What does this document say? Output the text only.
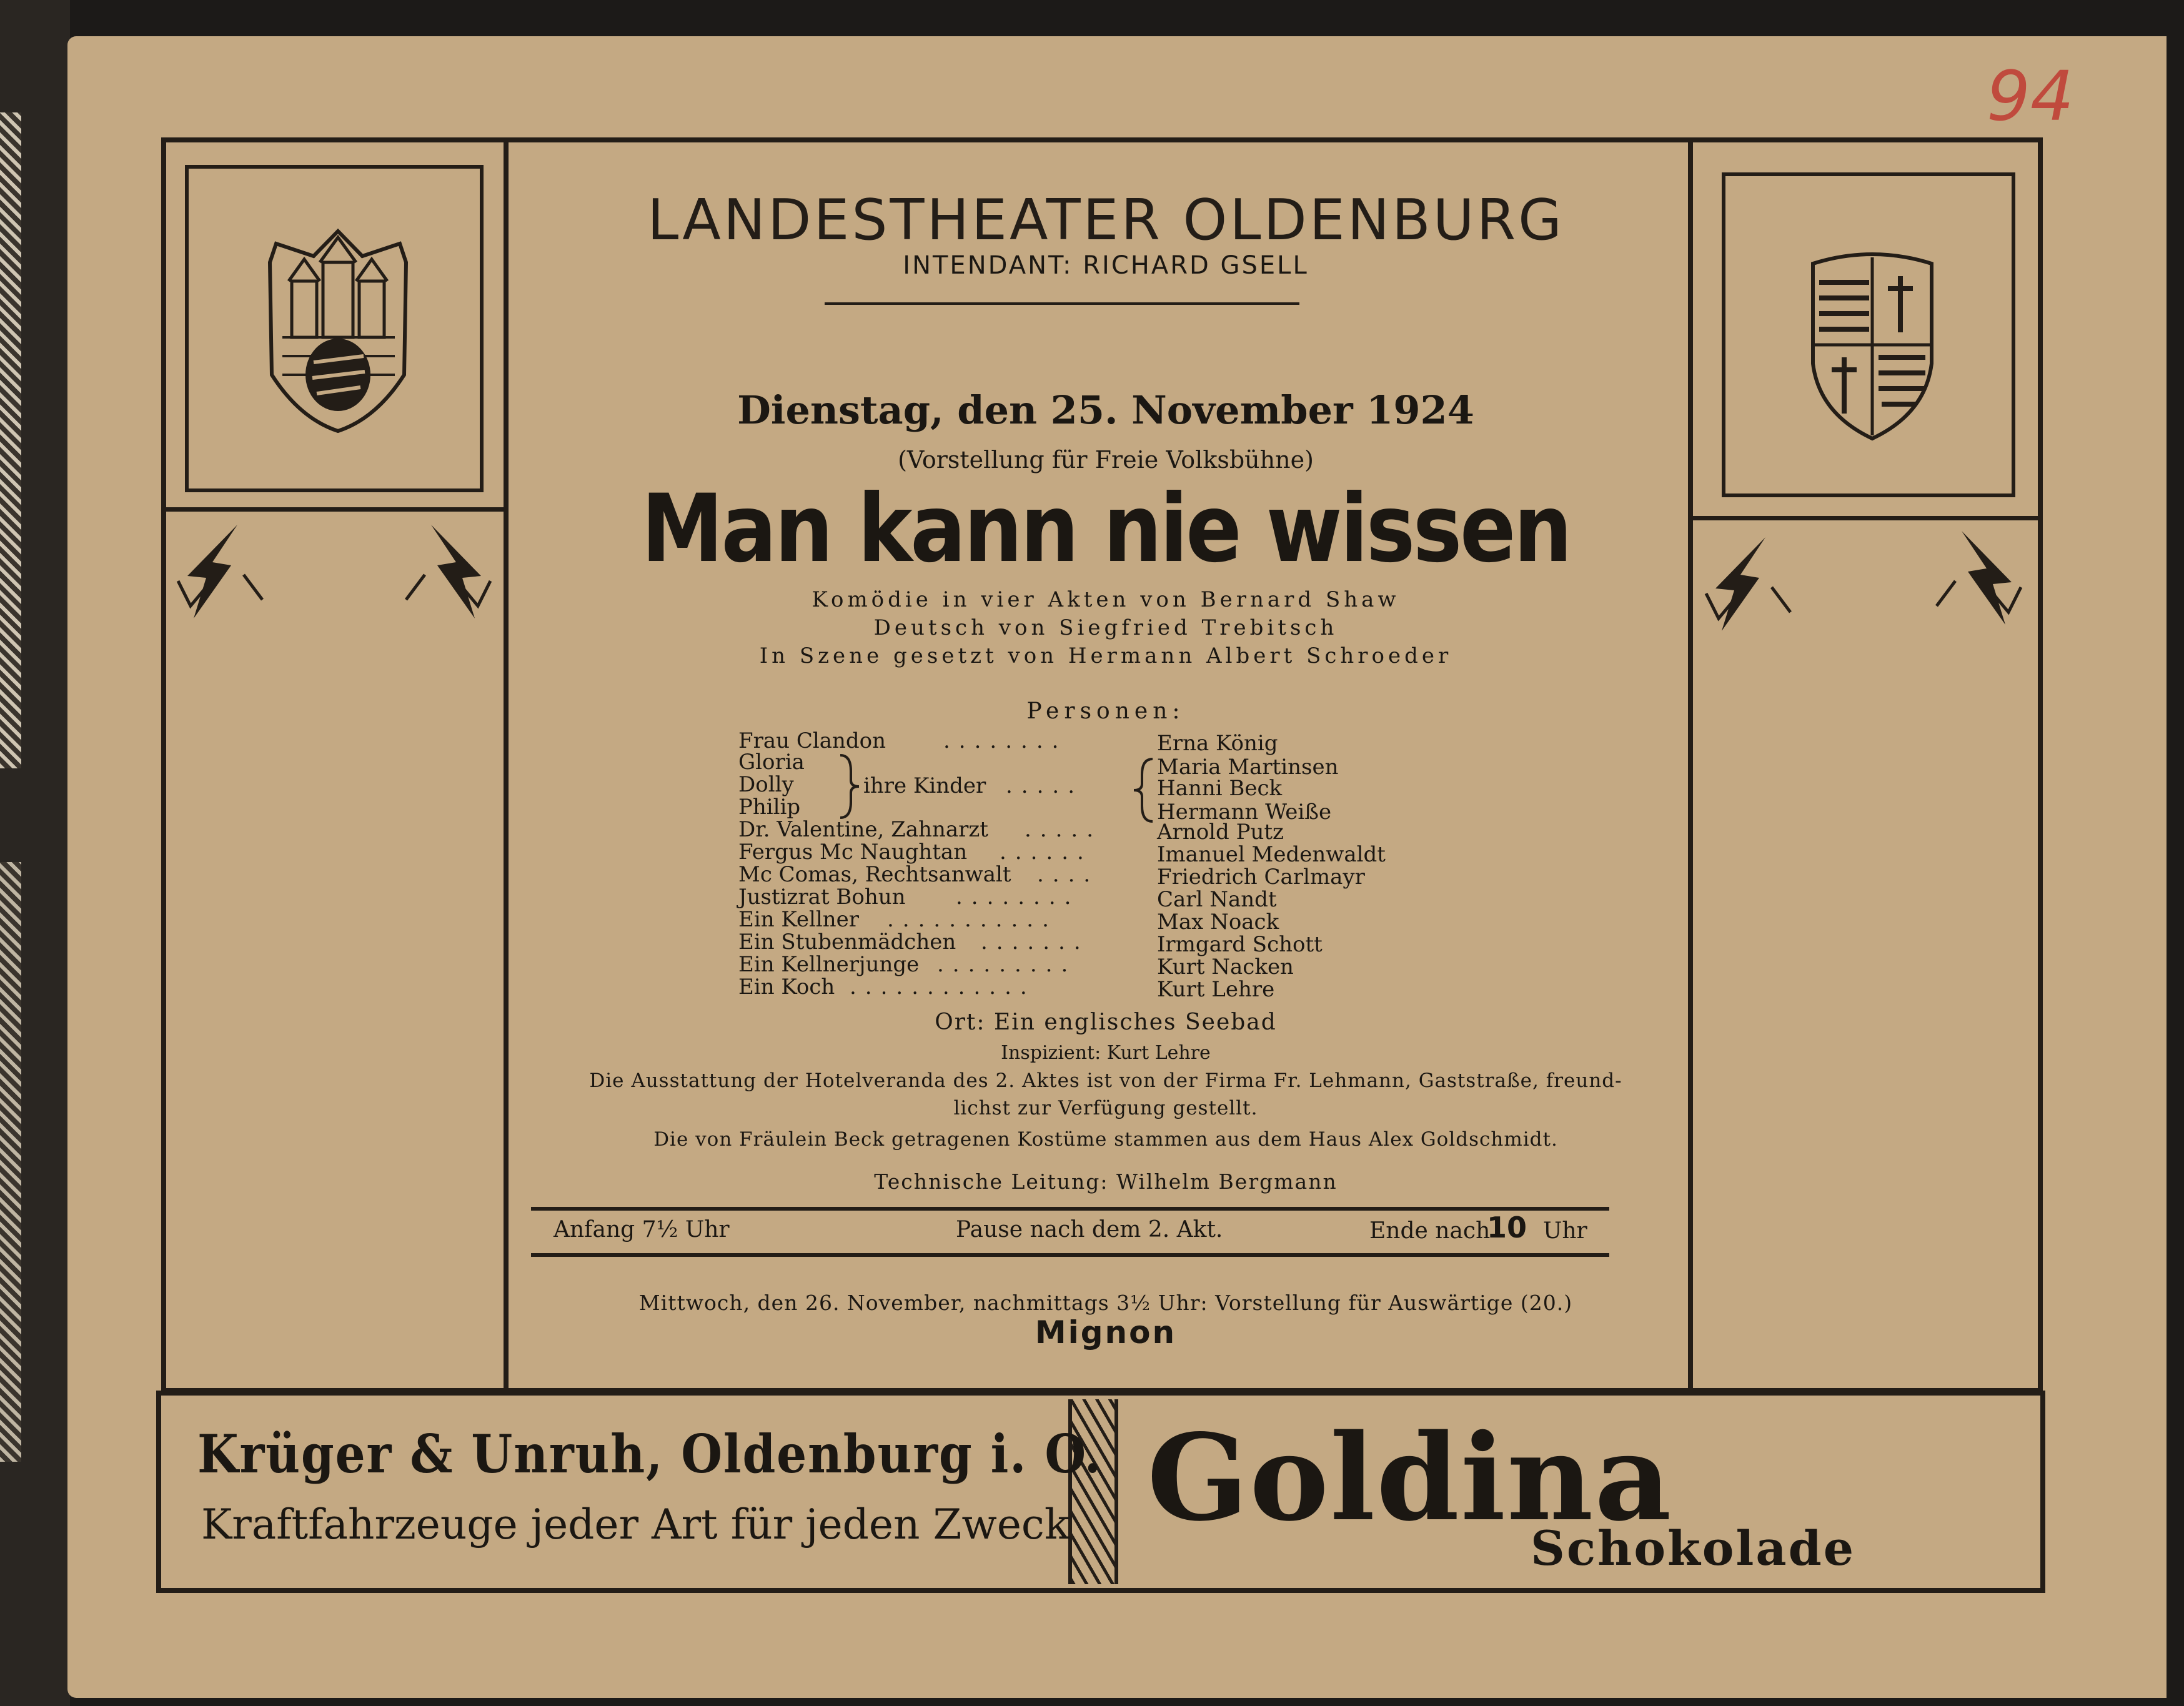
94
LANDESTHEATER OLDENBURG
INTENDANT: RICHARD GSELL
Dienstag, den 25. November 1924
(Vorstellung für Freie Volksbühne)
Man kann nie wissen
Komödie in vier Akten von Bernard Shaw
Deutsch von Siegfried Trebitsch
In Szene gesetzt von Hermann Albert Schroeder
Personen:
Frau Clandon	........	Erna König
Gloria	Maria Martinsen
Dolly	ihre Kinder .....	Hanni Beck
Philip	Hermann Weiße
Dr. Valentine, Zahnarzt .....	Arnold Putz
Fergus Mc Naughtan ......	Imanuel Medenwaldt
Mc Comas, Rechtsanwalt ....	Friedrich Carlmayr
Justizrat Bohun ........	Carl Nandt
Ein Kellner ...........	Max Noack
Ein Stubenmädchen .......	Irmgard Schott
Ein Kellnerjunge .........	Kurt Nacken
Ein Koch ............	Kurt Lehre
Ort: Ein englisches Seebad
Inspizient: Kurt Lehre
Die Ausstattung der Hotelveranda des 2. Aktes ist von der Firma Fr. Lehmann, Gaststraße, freund-
lichst zur Verfügung gestellt.
Die von Fräulein Beck getragenen Kostüme stammen aus dem Haus Alex Goldschmidt.
Technische Leitung: Wilhelm Bergmann
Anfang 7½ Uhr	Pause nach dem 2. Akt.	Ende nach
10 Uhr
Mittwoch, den 26. November, nachmittags 3½ Uhr: Vorstellung für Auswärtige (20.)
Mignon
Krüger & Unruh, Oldenburg i. O.
Kraftfahrzeuge jeder Art für jeden Zweck Goldina
Schokolade
